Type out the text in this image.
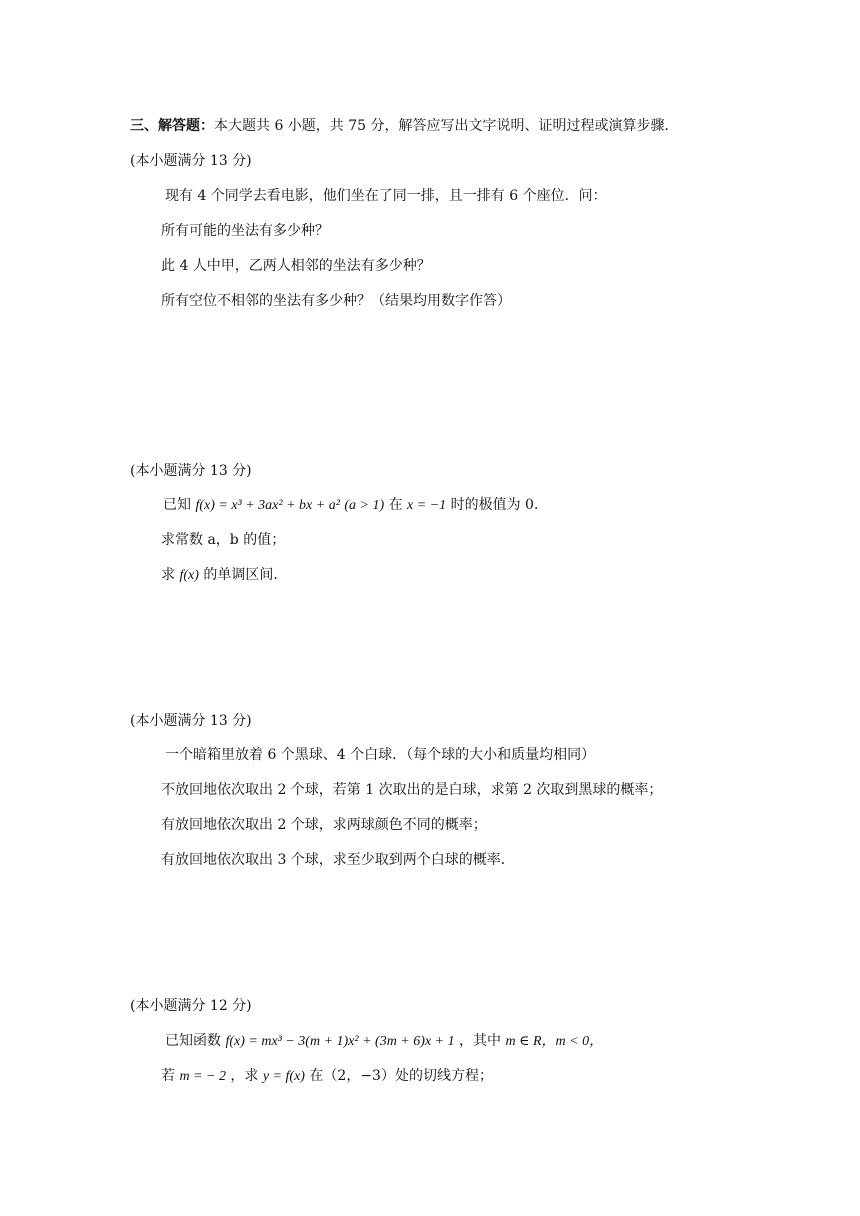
三、解答题：本大题共 6 小题，共 75 分，解答应写出文字说明、证明过程或演算步骤．
(本小题满分 13 分)
现有 4 个同学去看电影，他们坐在了同一排，且一排有 6 个座位．问：
所有可能的坐法有多少种？
此 4 人中甲，乙两人相邻的坐法有多少种？
所有空位不相邻的坐法有多少种？（结果均用数字作答）
(本小题满分 13 分)
已知 f(x) = x³ + 3ax² + bx + a² (a > 1) 在 x = −1 时的极值为 0．
求常数 a，b 的值；
求 f(x) 的单调区间．
(本小题满分 13 分)
一个暗箱里放着 6 个黑球、4 个白球．（每个球的大小和质量均相同）
不放回地依次取出 2 个球，若第 1 次取出的是白球，求第 2 次取到黑球的概率；
有放回地依次取出 2 个球，求两球颜色不同的概率；
有放回地依次取出 3 个球，求至少取到两个白球的概率．
(本小题满分 12 分)
已知函数 f(x) = mx³ − 3(m + 1)x² + (3m + 6)x + 1 ，其中 m ∈ R，m < 0，
若 m = − 2 ，求 y = f(x) 在（2，−3）处的切线方程；
